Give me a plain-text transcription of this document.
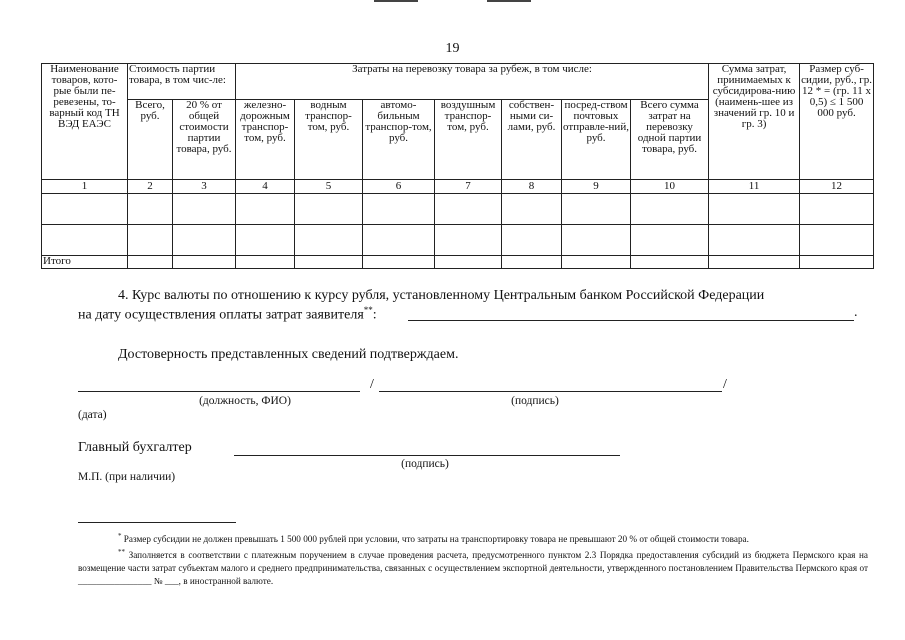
19
Наименование товаров, кото-рые были пе-ревезены, то-варный код ТН ВЭД ЕАЭС	Стоимость партии товара, в том чис-ле:		Затраты на перевозку товара за рубеж, в том числе:							Сумма затрат, принимаемых к субсидирова-нию (наимень-шее из значений гр. 10 и гр. 3)	Размер суб-сидии, руб., гр. 12 * = (гр. 11 х 0,5) ≤ 1 500 000 руб.
	Всего, руб.	20 % от общей стоимости партии товара, руб.	железно-дорожным транспор-том, руб.	водным транспор-том, руб.	автомо-бильным транспор-том, руб.	воздушным транспор-том, руб.	собствен-ными си-лами, руб.	посред-ством почтовых отправле-ний, руб.	Всего сумма затрат на перевозку одной партии товара, руб.		
1	2	3	4	5	6	7	8	9	10	11	12

Итого											
4. Курс валюты по отношению к курсу рубля, установленному Центральным банком Российской Федерации
на дату осуществления оплаты затрат заявителя**:	.
Достоверность представленных сведений подтверждаем.
/	/
(должность, ФИО)	(подпись)
(дата)
Главный бухгалтер
(подпись)
М.П. (при наличии)

* Размер субсидии не должен превышать 1 500 000 рублей при условии, что затраты на транспортировку товара не превышают 20 % от общей стоимости товара.

** Заполняется в соответствии с платежным поручением в случае проведения расчета, предусмотренного пунктом 2.3 Порядка предоставления субсидий из бюджета Пермского края на возмещение части затрат субъектам малого и среднего предпринимательства, связанных с осуществлением экспортной деятельности, утвержденного постановлением Правительства Пермского края от ________________ № ___, в иностранной валюте.
